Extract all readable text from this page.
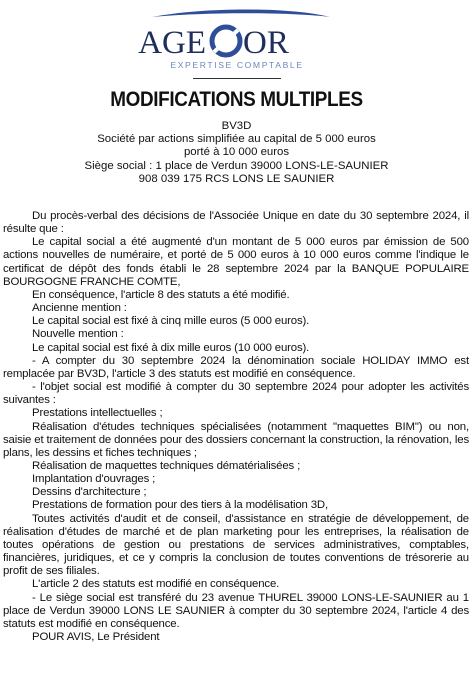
AGE OR
EXPERTISE COMPTABLE
MODIFICATIONS MULTIPLES
BV3D
Société par actions simplifiée au capital de 5 000 euros
porté à 10 000 euros
Siège social : 1 place de Verdun 39000 LONS-LE-SAUNIER
908 039 175 RCS LONS LE SAUNIER

Du procès-verbal des décisions de l'Associée Unique en date du 30 septembre 2024, il résulte que :

Le capital social a été augmenté d'un montant de 5 000 euros par émission de 500 actions nouvelles de numéraire, et porté de 5 000 euros à 10 000 euros comme l'indique le certificat de dépôt des fonds établi le 28 septembre 2024 par la BANQUE POPULAIRE BOURGOGNE FRANCHE COMTE,

En conséquence, l'article 8 des statuts a été modifié.

Ancienne mention :

Le capital social est fixé à cinq mille euros (5 000 euros).

Nouvelle mention :

Le capital social est fixé à dix mille euros (10 000 euros).

- A compter du 30 septembre 2024 la dénomination sociale HOLIDAY IMMO est remplacée par BV3D, l'article 3 des statuts est modifié en conséquence.

- l'objet social est modifié à compter du 30 septembre 2024 pour adopter les activités suivantes :

Prestations intellectuelles ;

Réalisation d'études techniques spécialisées (notamment "maquettes BIM") ou non, saisie et traitement de données pour des dossiers concernant la construction, la rénovation, les plans, les dessins et fiches techniques ;

Réalisation de maquettes techniques dématérialisées ;

Implantation d'ouvrages ;

Dessins d'architecture ;

Prestations de formation pour des tiers à la modélisation 3D,

Toutes activités d'audit et de conseil, d'assistance en stratégie de développement, de réalisation d'études de marché et de plan marketing pour les entreprises, la réalisation de toutes opérations de gestion ou prestations de services administratives, comptables, financières, juridiques, et ce y compris la conclusion de toutes conventions de trésorerie au profit de ses filiales.

L'article 2 des statuts est modifié en conséquence.

- Le siège social est transféré du 23 avenue THUREL 39000 LONS-LE-SAUNIER au 1 place de Verdun 39000 LONS LE SAUNIER à compter du 30 septembre 2024, l'article 4 des statuts est modifié en conséquence.

POUR AVIS, Le Président
